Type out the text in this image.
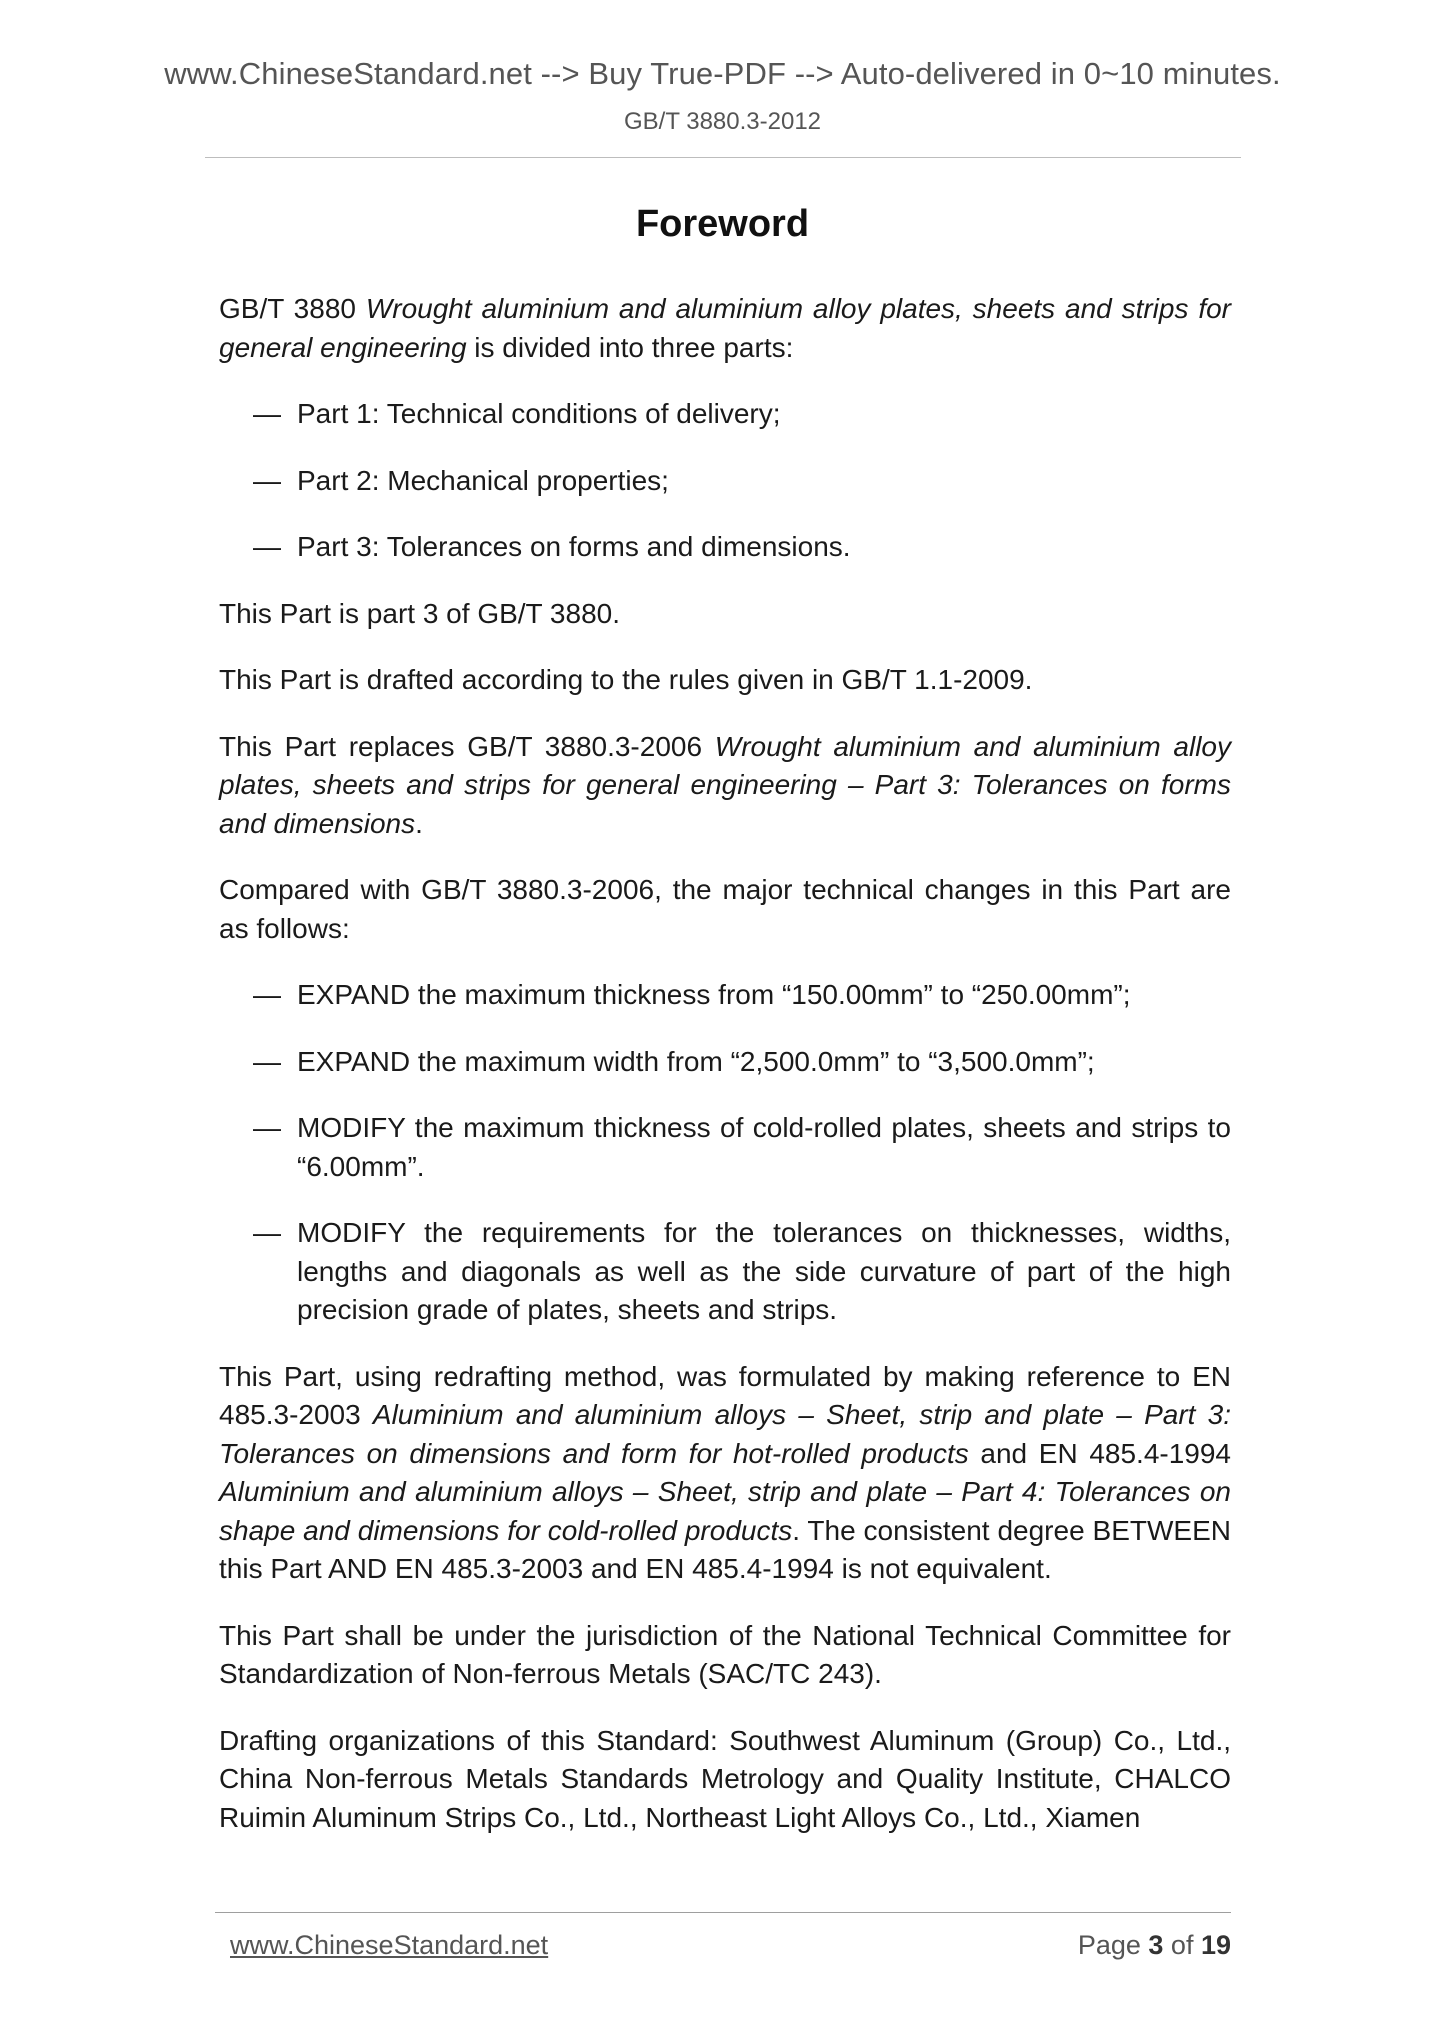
www.ChineseStandard.net --> Buy True-PDF --> Auto-delivered in 0~10 minutes.
GB/T 3880.3-2012
Foreword

GB/T 3880 Wrought aluminium and aluminium alloy plates, sheets and strips for general engineering is divided into three parts:

— Part 1: Technical conditions of delivery;
— Part 2: Mechanical properties;
— Part 3: Tolerances on forms and dimensions.

This Part is part 3 of GB/T 3880.

This Part is drafted according to the rules given in GB/T 1.1-2009.

This Part replaces GB/T 3880.3-2006 Wrought aluminium and aluminium alloy plates, sheets and strips for general engineering – Part 3: Tolerances on forms and dimensions.

Compared with GB/T 3880.3-2006, the major technical changes in this Part are as follows:

— EXPAND the maximum thickness from “150.00mm” to “250.00mm”;
— EXPAND the maximum width from “2,500.0mm” to “3,500.0mm”;
— MODIFY the maximum thickness of cold-rolled plates, sheets and strips to “6.00mm”.
— MODIFY the requirements for the tolerances on thicknesses, widths, lengths and diagonals as well as the side curvature of part of the high precision grade of plates, sheets and strips.

This Part, using redrafting method, was formulated by making reference to EN 485.3-2003 Aluminium and aluminium alloys – Sheet, strip and plate – Part 3: Tolerances on dimensions and form for hot-rolled products and EN 485.4-1994 Aluminium and aluminium alloys – Sheet, strip and plate – Part 4: Tolerances on shape and dimensions for cold-rolled products. The consistent degree BETWEEN this Part AND EN 485.3-2003 and EN 485.4-1994 is not equivalent.

This Part shall be under the jurisdiction of the National Technical Committee for Standardization of Non-ferrous Metals (SAC/TC 243).

Drafting organizations of this Standard: Southwest Aluminum (Group) Co., Ltd., China Non-ferrous Metals Standards Metrology and Quality Institute, CHALCO Ruimin Aluminum Strips Co., Ltd., Northeast Light Alloys Co., Ltd., Xiamen

www.ChineseStandard.net	Page 3 of 19
